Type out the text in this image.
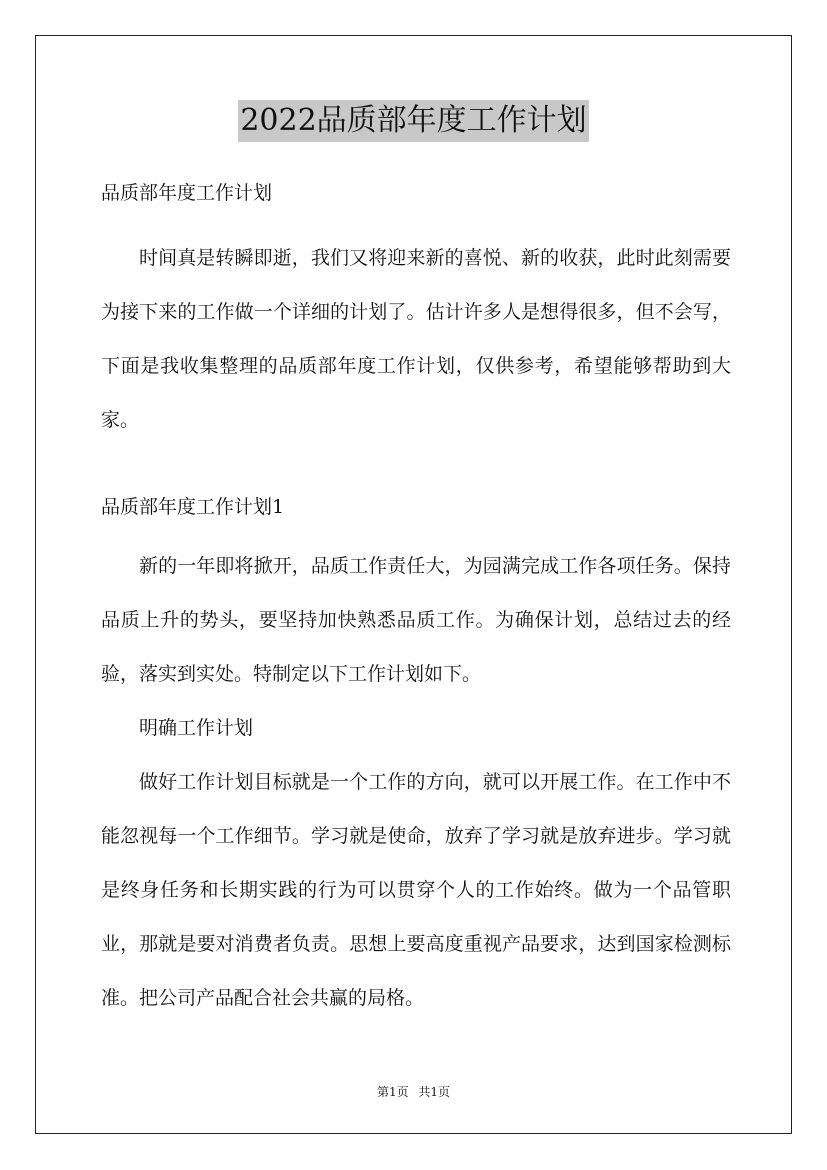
2022品质部年度工作计划

品质部年度工作计划

时间真是转瞬即逝，我们又将迎来新的喜悦、新的收获，此时此刻需要为接下来的工作做一个详细的计划了。估计许多人是想得很多，但不会写，下面是我收集整理的品质部年度工作计划，仅供参考，希望能够帮助到大家。

品质部年度工作计划1

新的一年即将掀开，品质工作责任大，为园满完成工作各项任务。保持品质上升的势头，要坚持加快熟悉品质工作。为确保计划，总结过去的经验，落实到实处。特制定以下工作计划如下。

明确工作计划

做好工作计划目标就是一个工作的方向，就可以开展工作。在工作中不能忽视每一个工作细节。学习就是使命，放弃了学习就是放弃进步。学习就是终身任务和长期实践的行为可以贯穿个人的工作始终。做为一个品管职业，那就是要对消费者负责。思想上要高度重视产品要求，达到国家检测标准。把公司产品配合社会共赢的局格。

第1页 共1页
